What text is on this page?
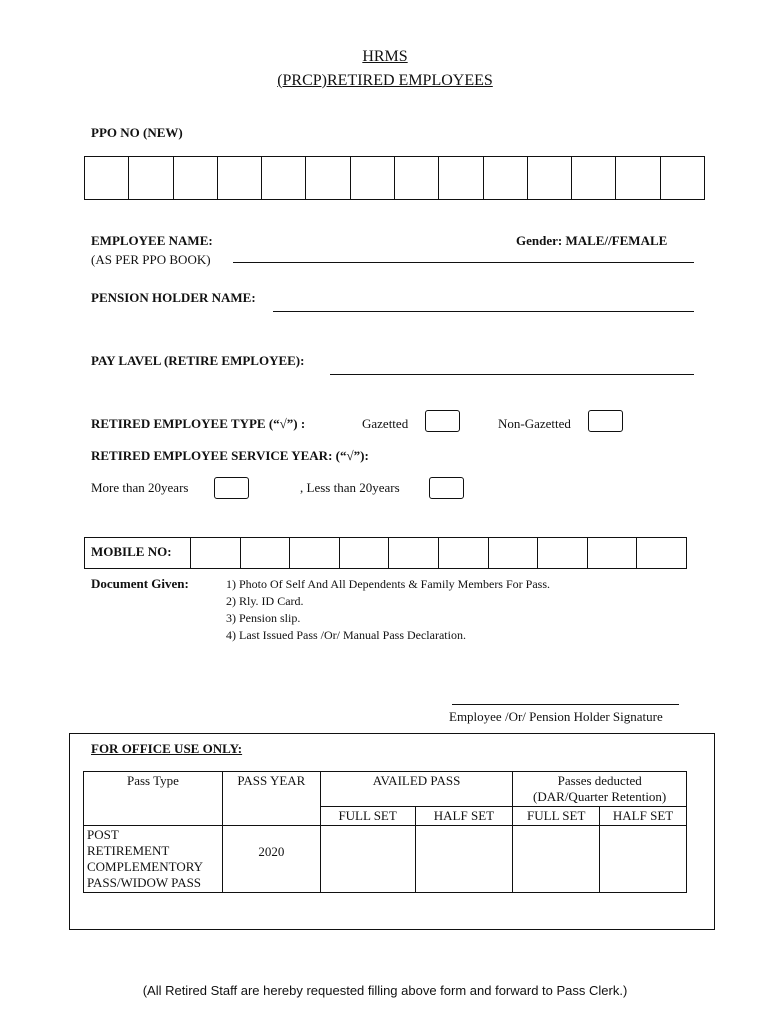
HRMS
(PRCP)RETIRED EMPLOYEES
PPO NO (NEW)
EMPLOYEE NAME:
(AS PER PPO BOOK)
Gender: MALE//FEMALE
PENSION HOLDER NAME:
PAY LAVEL (RETIRE EMPLOYEE):
RETIRED EMPLOYEE TYPE (“√”) :	Gazetted	Non-Gazetted
RETIRED EMPLOYEE SERVICE YEAR: (“√”):
More than 20years	, Less than 20years
MOBILE NO:
Document Given:	1) Photo Of Self And All Dependents & Family Members For Pass.
2) Rly. ID Card.
3) Pension slip.
4) Last Issued Pass /Or/ Manual Pass Declaration.
Employee /Or/ Pension Holder Signature
FOR OFFICE USE ONLY:
Pass Type	PASS YEAR	AVAILED PASS		Passes deducted
(DAR/Quarter Retention)	

		FULL SET	HALF SET	FULL SET	HALF SET

POST
RETIREMENT
COMPLEMENTORY
PASS/WIDOW PASS	2020				
(All Retired Staff are hereby requested filling above form and forward to Pass Clerk.)
